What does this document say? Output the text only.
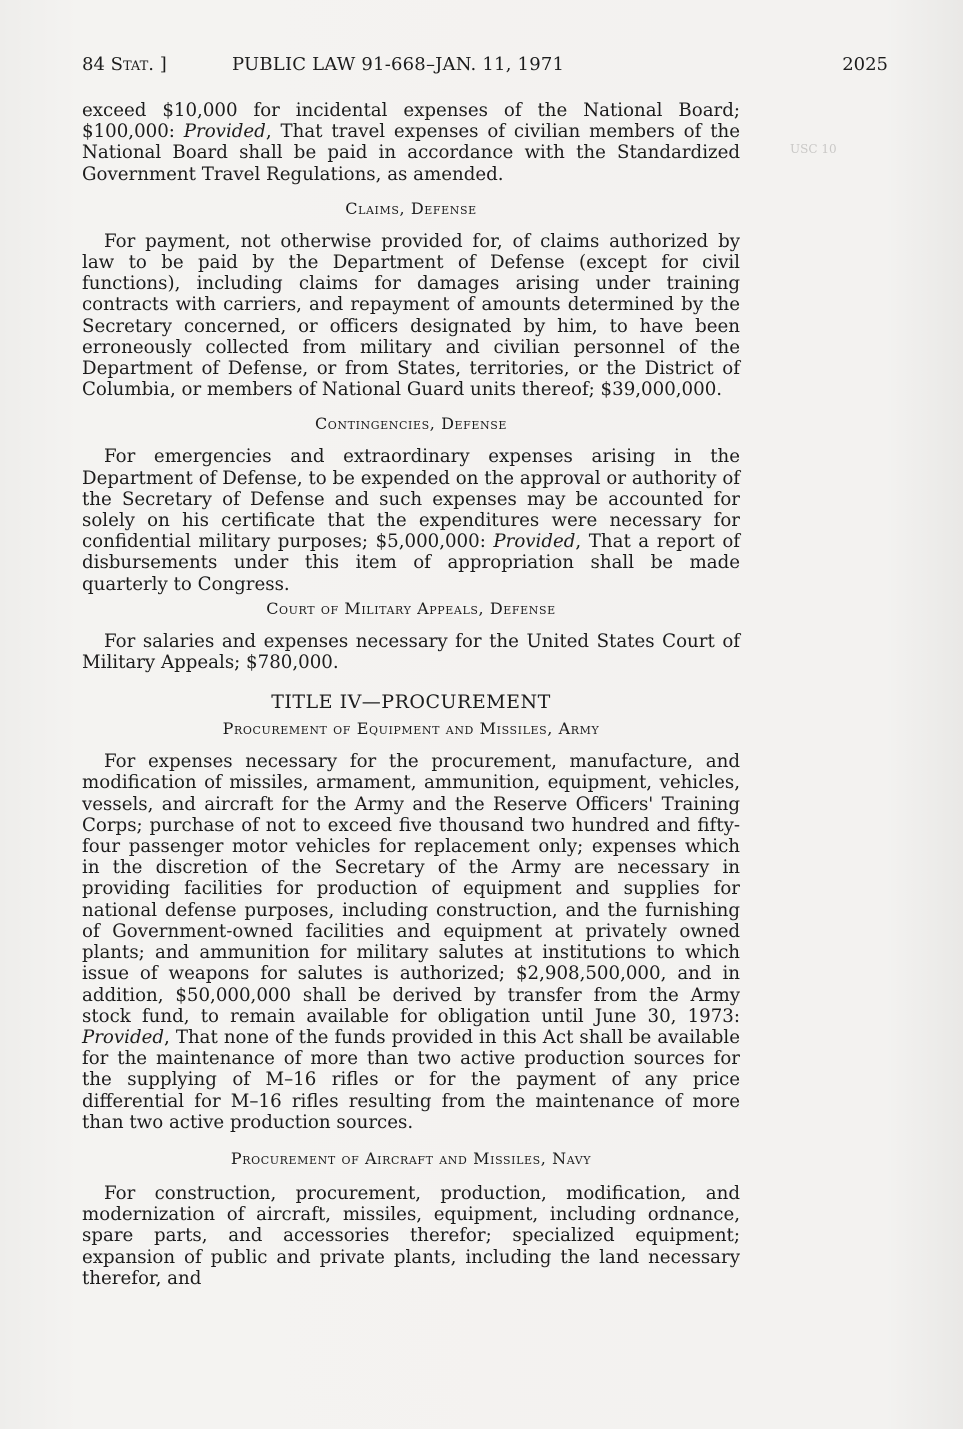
84 Stat. ]	PUBLIC LAW 91-668–JAN. 11, 1971	2025
USC 10

exceed $10,000 for incidental expenses of the National Board; $100,000: Provided, That travel expenses of civilian members of the National Board shall be paid in accordance with the Standardized Government Travel Regulations, as amended.

Claims, Defense

For payment, not otherwise provided for, of claims authorized by law to be paid by the Department of Defense (except for civil functions), including claims for damages arising under training contracts with carriers, and repayment of amounts determined by the Secretary concerned, or officers designated by him, to have been erroneously collected from military and civilian personnel of the Department of Defense, or from States, territories, or the District of Columbia, or members of National Guard units thereof; $39,000,000.

Contingencies, Defense

For emergencies and extraordinary expenses arising in the Department of Defense, to be expended on the approval or authority of the Secretary of Defense and such expenses may be accounted for solely on his certificate that the expenditures were necessary for confidential military purposes; $5,000,000: Provided, That a report of disbursements under this item of appropriation shall be made quarterly to Congress.

Court of Military Appeals, Defense

For salaries and expenses necessary for the United States Court of Military Appeals; $780,000.

TITLE IV—PROCUREMENT
Procurement of Equipment and Missiles, Army

For expenses necessary for the procurement, manufacture, and modification of missiles, armament, ammunition, equipment, vehicles, vessels, and aircraft for the Army and the Reserve Officers' Training Corps; purchase of not to exceed five thousand two hundred and fifty-four passenger motor vehicles for replacement only; expenses which in the discretion of the Secretary of the Army are necessary in providing facilities for production of equipment and supplies for national defense purposes, including construction, and the furnishing of Government-owned facilities and equipment at privately owned plants; and ammunition for military salutes at institutions to which issue of weapons for salutes is authorized; $2,908,500,000, and in addition, $50,000,000 shall be derived by transfer from the Army stock fund, to remain available for obligation until June 30, 1973: Provided, That none of the funds provided in this Act shall be available for the maintenance of more than two active production sources for the supplying of M–16 rifles or for the payment of any price differential for M–16 rifles resulting from the maintenance of more than two active production sources.

Procurement of Aircraft and Missiles, Navy

For construction, procurement, production, modification, and modernization of aircraft, missiles, equipment, including ordnance, spare parts, and accessories therefor; specialized equipment; expansion of public and private plants, including the land necessary therefor, and
